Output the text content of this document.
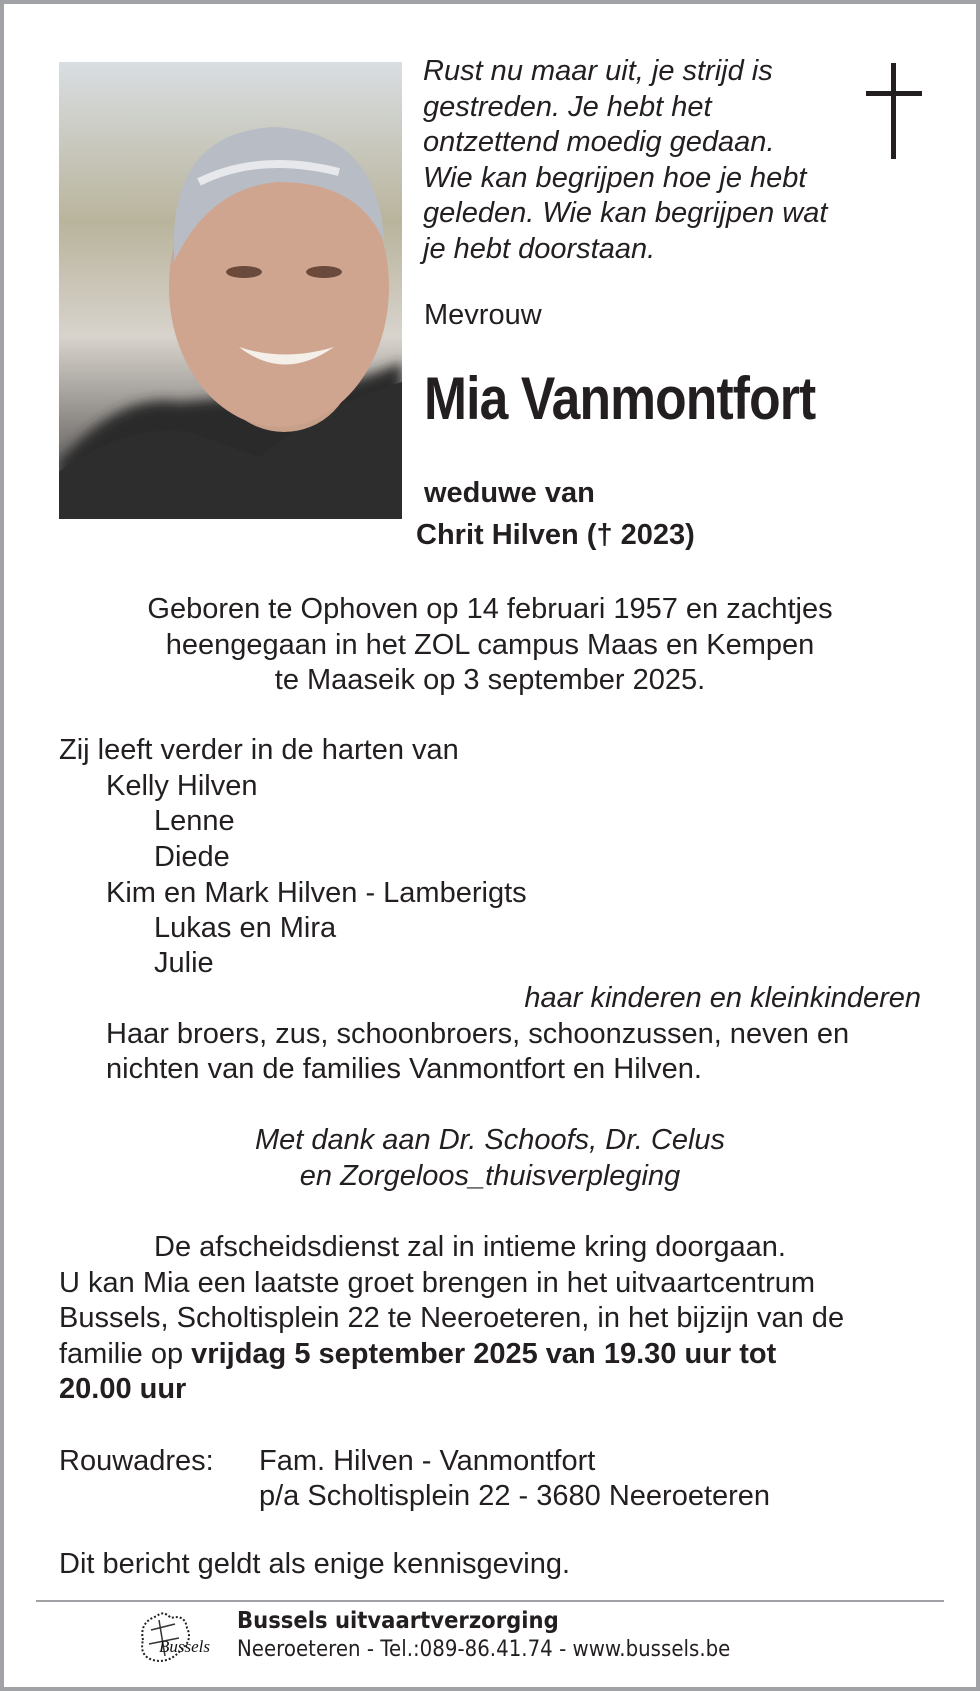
Rust nu maar uit, je strijd is
gestreden. Je hebt het
ontzettend moedig gedaan.
Wie kan begrijpen hoe je hebt
geleden. Wie kan begrijpen wat
je hebt doorstaan.
Mevrouw
Mia Vanmontfort
weduwe van
Chrit Hilven († 2023)
Geboren te Ophoven op 14 februari 1957 en zachtjes
heengegaan in het ZOL campus Maas en Kempen
te Maaseik op 3 september 2025.
Zij leeft verder in de harten van
Kelly Hilven
Lenne
Diede
Kim en Mark Hilven - Lamberigts
Lukas en Mira
Julie
haar kinderen en kleinkinderen
Haar broers, zus, schoonbroers, schoonzussen, neven en
nichten van de families Vanmontfort en Hilven.
Met dank aan Dr. Schoofs, Dr. Celus
en Zorgeloos_thuisverpleging
De afscheidsdienst zal in intieme kring doorgaan.
U kan Mia een laatste groet brengen in het uitvaartcentrum
Bussels, Scholtisplein 22 te Neeroeteren, in het bijzijn van de
familie op vrijdag 5 september 2025 van 19.30 uur tot
20.00 uur
Rouwadres: Fam. Hilven - Vanmontfort
p/a Scholtisplein 22 - 3680 Neeroeteren
Dit bericht geldt als enige kennisgeving.
Bussels
Bussels uitvaartverzorging
Neeroeteren - Tel.:089-86.41.74 - www.bussels.be
